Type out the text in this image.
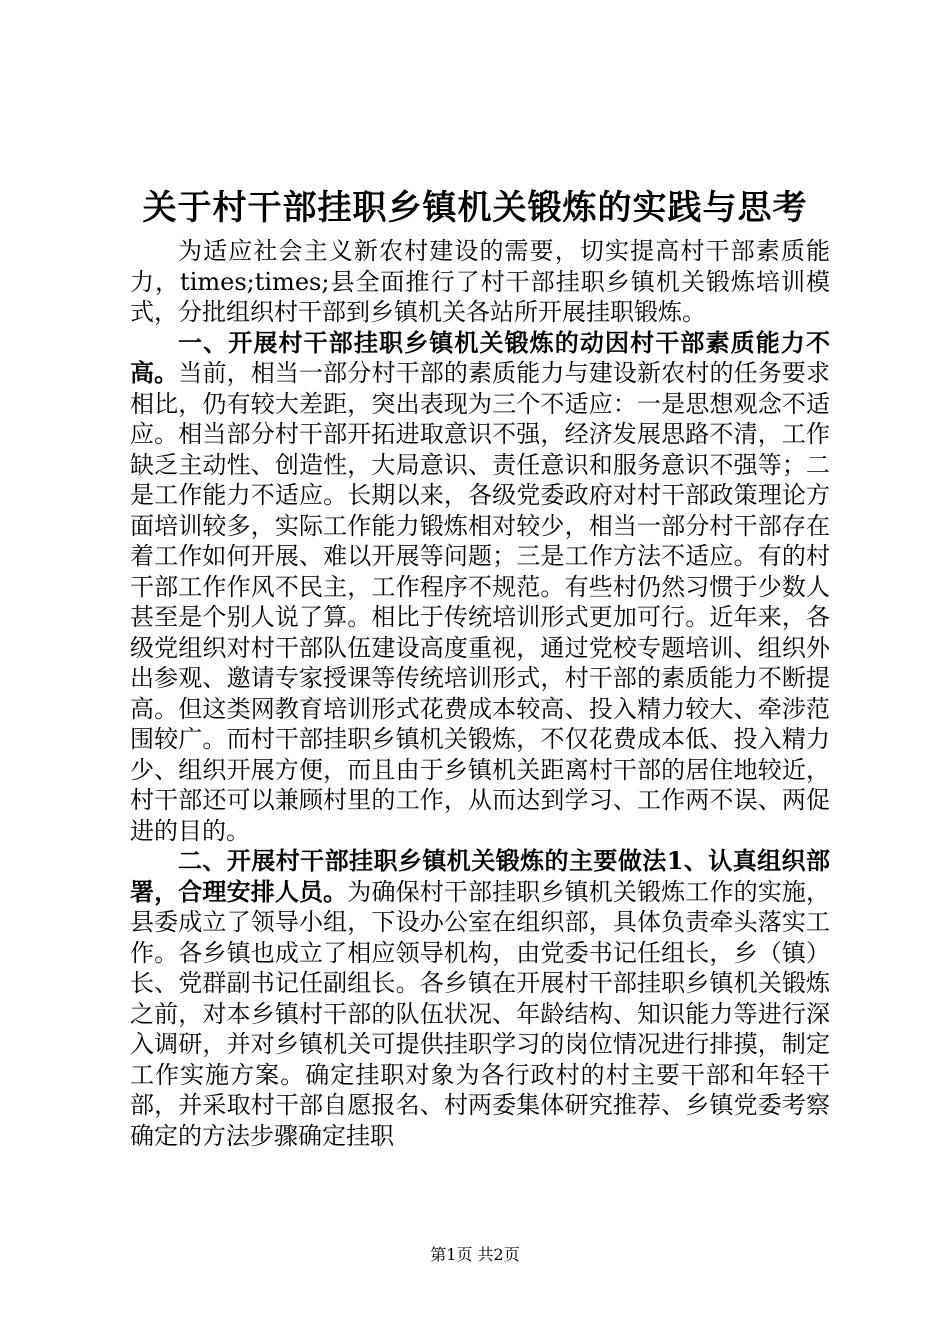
关于村干部挂职乡镇机关锻炼的实践与思考

为适应社会主义新农村建设的需要，切实提高村干部素质能力，times;times;县全面推行了村干部挂职乡镇机关锻炼培训模式，分批组织村干部到乡镇机关各站所开展挂职锻炼。

一、开展村干部挂职乡镇机关锻炼的动因村干部素质能力不高。当前，相当一部分村干部的素质能力与建设新农村的任务要求相比，仍有较大差距，突出表现为三个不适应：一是思想观念不适应。相当部分村干部开拓进取意识不强，经济发展思路不清，工作缺乏主动性、创造性，大局意识、责任意识和服务意识不强等；二是工作能力不适应。长期以来，各级党委政府对村干部政策理论方面培训较多，实际工作能力锻炼相对较少，相当一部分村干部存在着工作如何开展、难以开展等问题；三是工作方法不适应。有的村干部工作作风不民主，工作程序不规范。有些村仍然习惯于少数人甚至是个别人说了算。相比于传统培训形式更加可行。近年来，各级党组织对村干部队伍建设高度重视，通过党校专题培训、组织外出参观、邀请专家授课等传统培训形式，村干部的素质能力不断提高。但这类网教育培训形式花费成本较高、投入精力较大、牵涉范围较广。而村干部挂职乡镇机关锻炼，不仅花费成本低、投入精力少、组织开展方便，而且由于乡镇机关距离村干部的居住地较近，村干部还可以兼顾村里的工作，从而达到学习、工作两不误、两促进的目的。

二、开展村干部挂职乡镇机关锻炼的主要做法1、认真组织部署，合理安排人员。为确保村干部挂职乡镇机关锻炼工作的实施，县委成立了领导小组，下设办公室在组织部，具体负责牵头落实工作。各乡镇也成立了相应领导机构，由党委书记任组长，乡（镇）长、党群副书记任副组长。各乡镇在开展村干部挂职乡镇机关锻炼之前，对本乡镇村干部的队伍状况、年龄结构、知识能力等进行深入调研，并对乡镇机关可提供挂职学习的岗位情况进行排摸，制定工作实施方案。确定挂职对象为各行政村的村主要干部和年轻干部，并采取村干部自愿报名、村两委集体研究推荐、乡镇党委考察确定的方法步骤确定挂职

第1页 共2页
